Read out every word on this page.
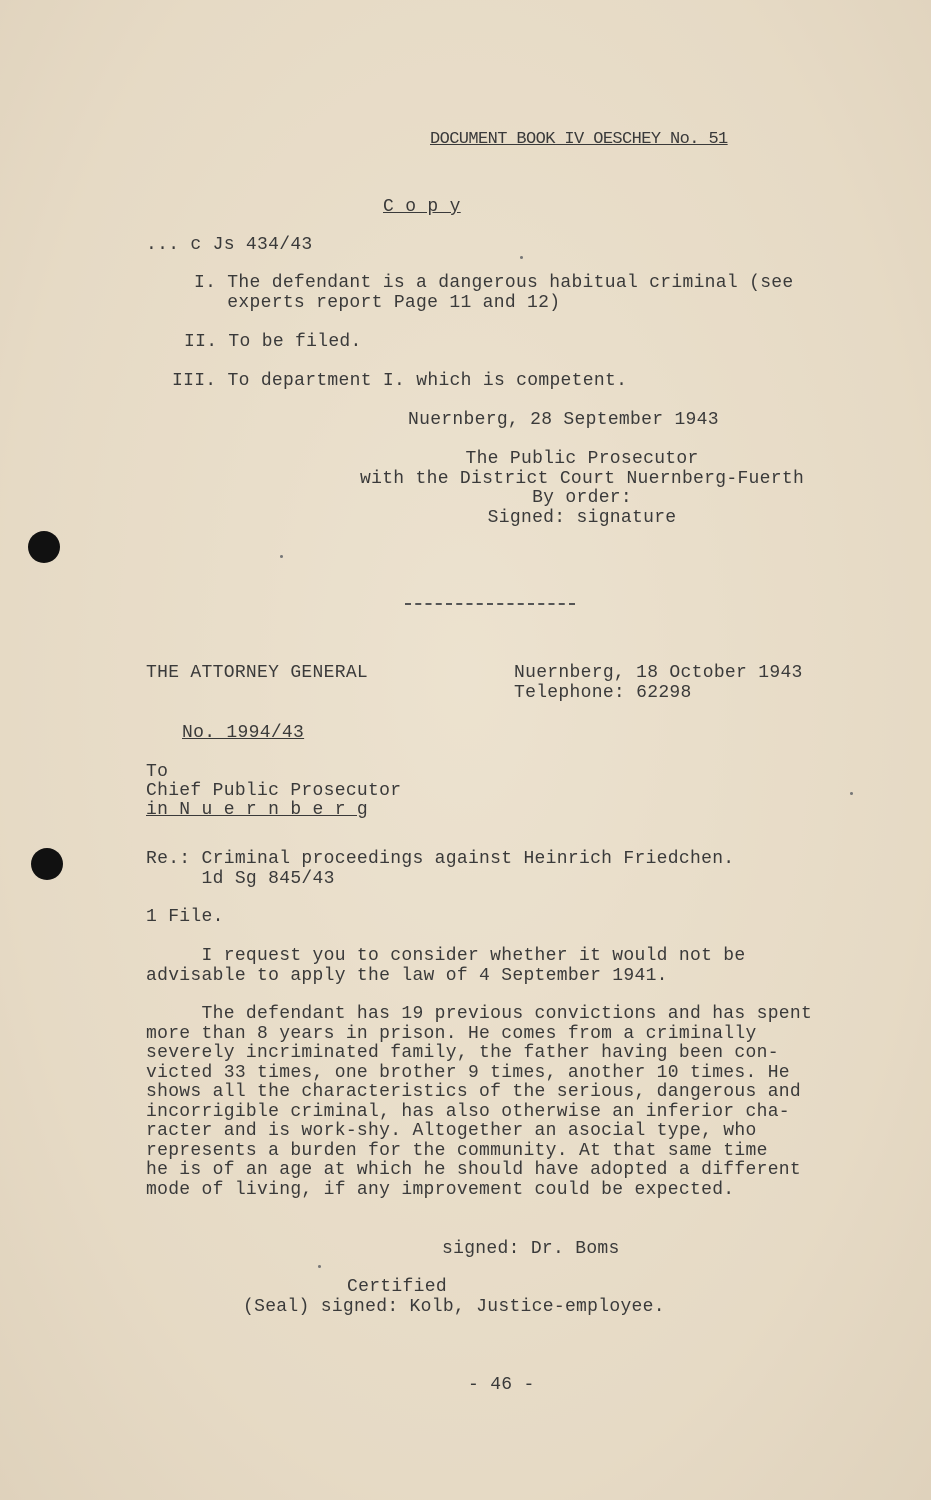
DOCUMENT BOOK IV OESCHEY No. 51
C o p y
... c Js 434/43
I. The defendant is a dangerous habitual criminal (see
experts report Page 11 and 12)
II. To be filed.
III. To department I. which is competent.
Nuernberg, 28 September 1943
The Public Prosecutor
with the District Court Nuernberg-Fuerth
By order:
Signed: signature
THE ATTORNEY GENERAL	Nuernberg, 18 October 1943
Telephone: 62298
No. 1994/43
To
Chief Public Prosecutor
in N u e r n b e r g
Re.: Criminal proceedings against Heinrich Friedchen.
1d Sg 845/43
1 File.
I request you to consider whether it would not be
advisable to apply the law of 4 September 1941.
The defendant has 19 previous convictions and has spent
more than 8 years in prison. He comes from a criminally
severely incriminated family, the father having been con-
victed 33 times, one brother 9 times, another 10 times. He
shows all the characteristics of the serious, dangerous and
incorrigible criminal, has also otherwise an inferior cha-
racter and is work-shy. Altogether an asocial type, who
represents a burden for the community. At that same time
he is of an age at which he should have adopted a different
mode of living, if any improvement could be expected.
signed: Dr. Boms
Certified
(Seal) signed: Kolb, Justice-employee.
- 46 -
